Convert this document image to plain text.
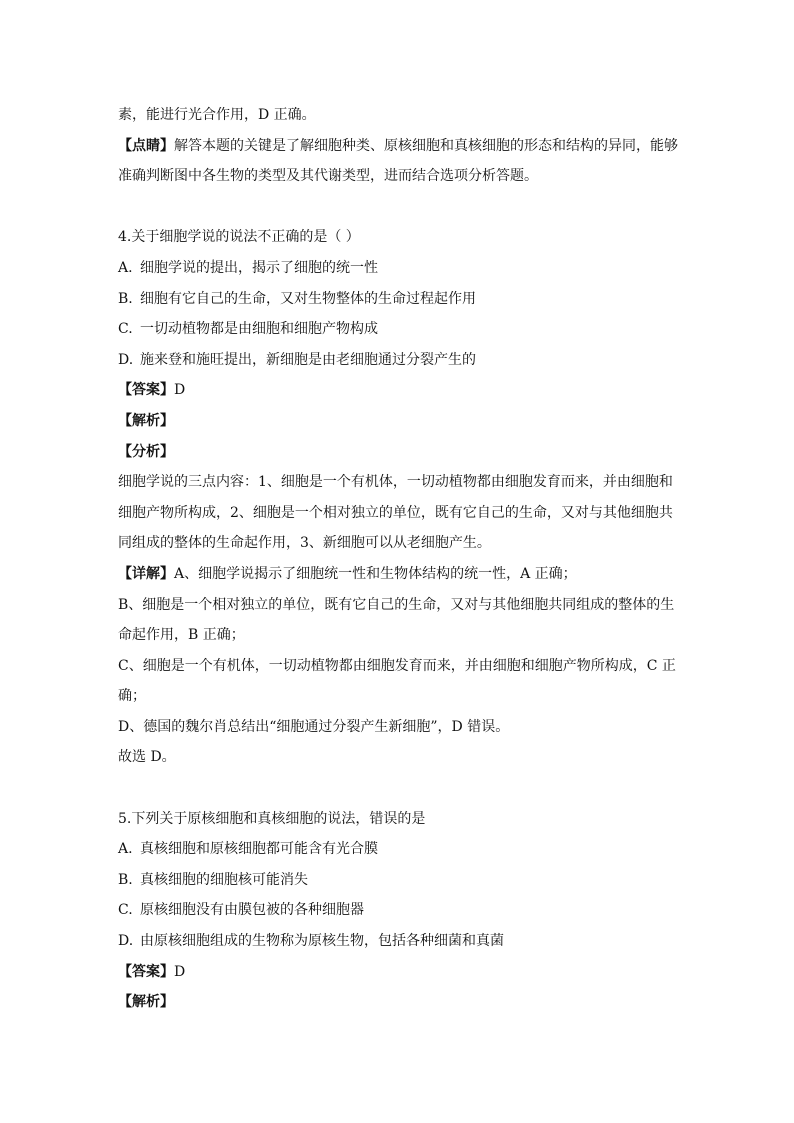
素，能进行光合作用，D 正确。

【点睛】解答本题的关键是了解细胞种类、原核细胞和真核细胞的形态和结构的异同，能够

准确判断图中各生物的类型及其代谢类型，进而结合选项分析答题。

4.关于细胞学说的说法不正确的是（ ）

A. 细胞学说的提出，揭示了细胞的统一性

B. 细胞有它自己的生命，又对生物整体的生命过程起作用

C. 一切动植物都是由细胞和细胞产物构成

D. 施来登和施旺提出，新细胞是由老细胞通过分裂产生的

【答案】D

【解析】

【分析】

细胞学说的三点内容：1、细胞是一个有机体，一切动植物都由细胞发育而来，并由细胞和

细胞产物所构成，2、细胞是一个相对独立的单位，既有它自己的生命，又对与其他细胞共

同组成的整体的生命起作用，3、新细胞可以从老细胞产生。

【详解】A、细胞学说揭示了细胞统一性和生物体结构的统一性，A 正确；

B、细胞是一个相对独立的单位，既有它自己的生命，又对与其他细胞共同组成的整体的生

命起作用，B 正确；

C、细胞是一个有机体，一切动植物都由细胞发育而来，并由细胞和细胞产物所构成，C 正

确；

D、德国的魏尔肖总结出“细胞通过分裂产生新细胞”，D 错误。

故选 D。

5.下列关于原核细胞和真核细胞的说法，错误的是

A. 真核细胞和原核细胞都可能含有光合膜

B. 真核细胞的细胞核可能消失

C. 原核细胞没有由膜包被的各种细胞器

D. 由原核细胞组成的生物称为原核生物，包括各种细菌和真菌

【答案】D

【解析】
